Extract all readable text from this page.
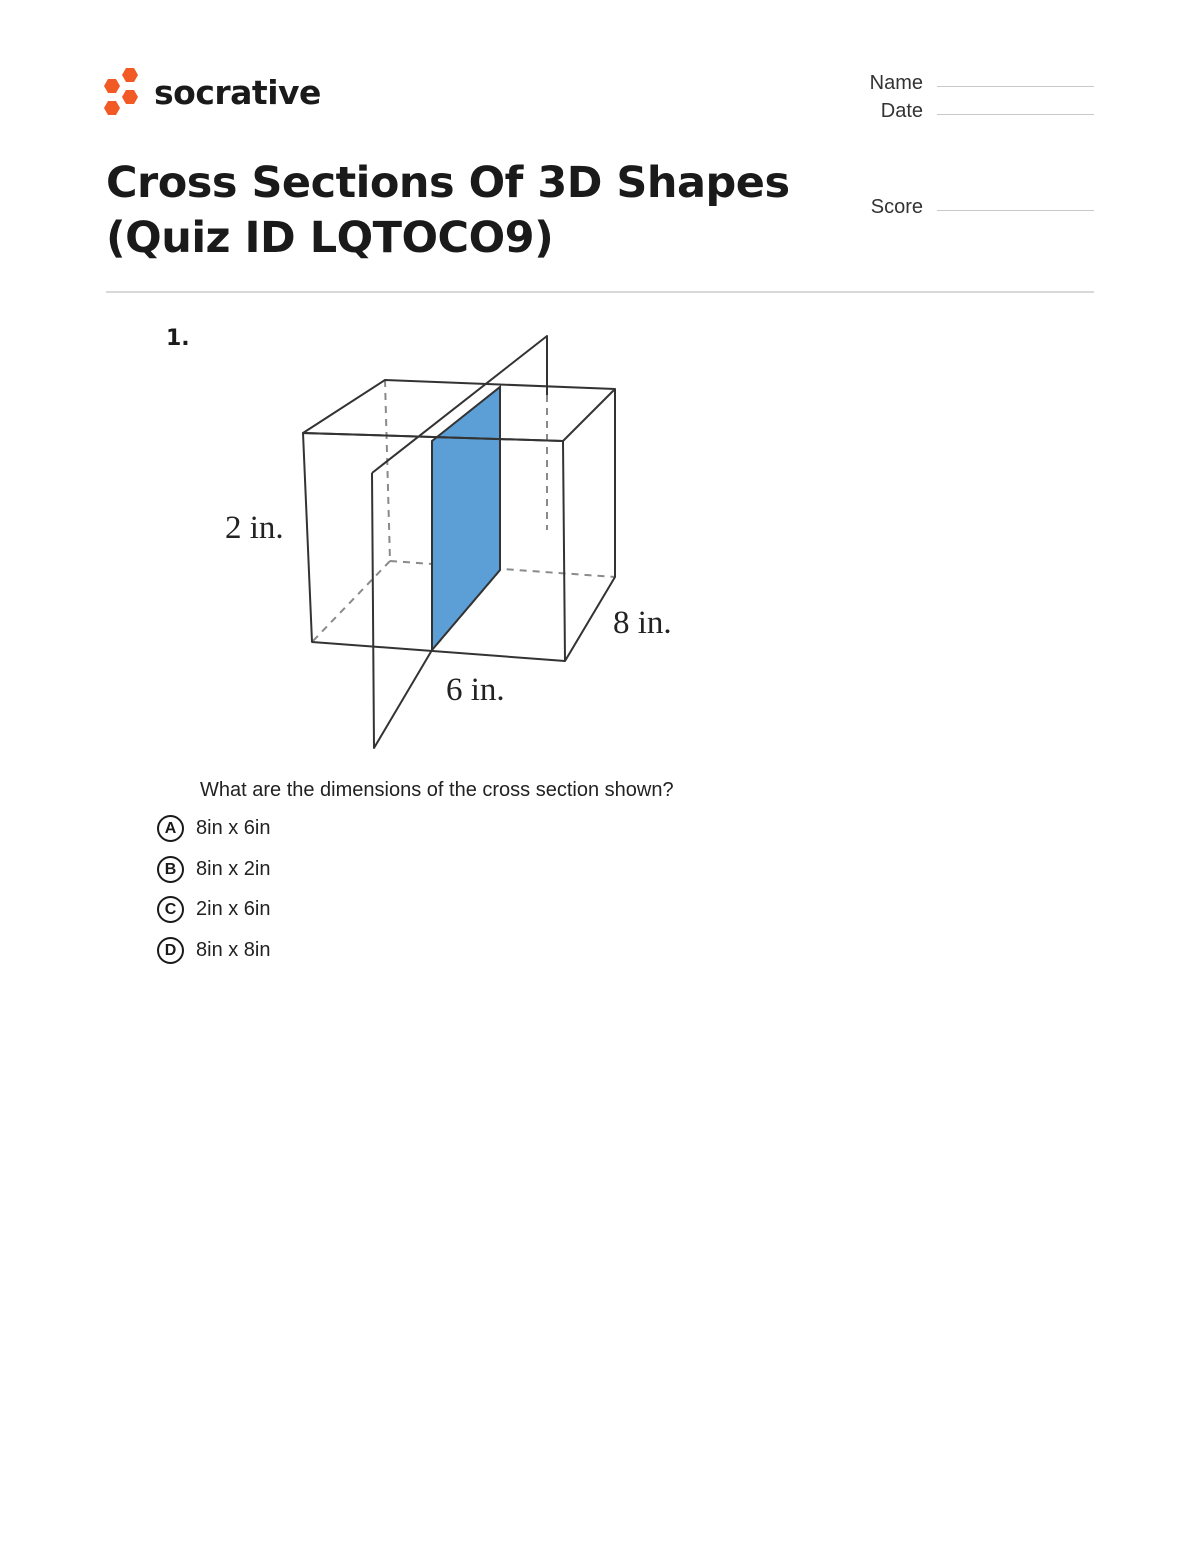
socrative	Name
Date
Score
Cross Sections Of 3D Shapes (Quiz ID LQTOCO9)
1.
2 in.
8 in.
6 in.
What are the dimensions of the cross section shown?
A 8in x 6in
B 8in x 2in
C 2in x 6in
D 8in x 8in
